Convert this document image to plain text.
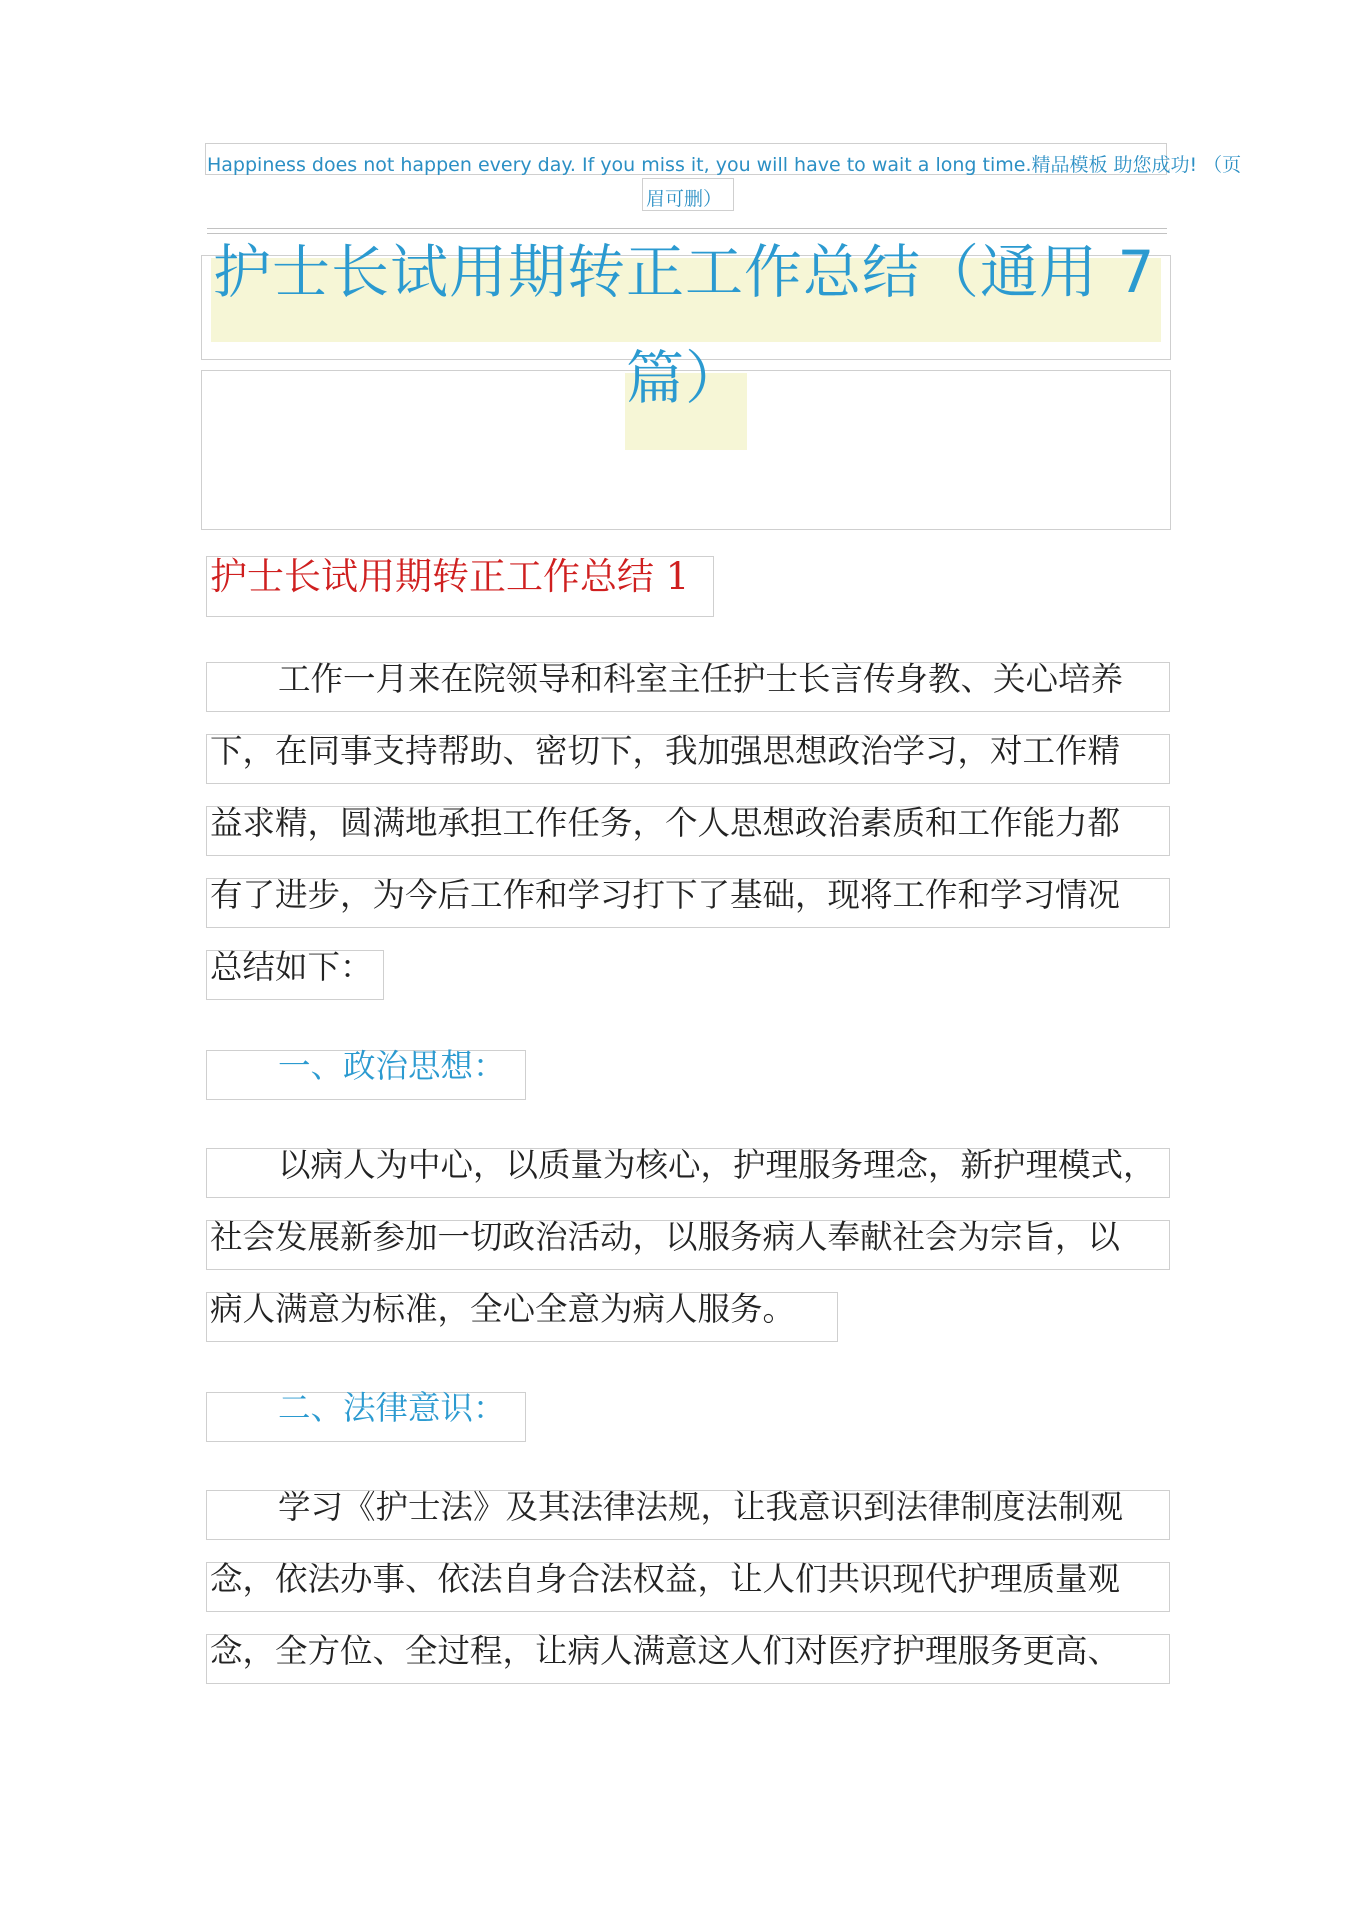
Happiness does not happen every day. If you miss it, you will have to wait a long time.精品模板 助您成功! （页
眉可删）
护士长试用期转正工作总结（通用 7
篇）
护士长试用期转正工作总结 1
工作一月来在院领导和科室主任护士长言传身教、关心培养
下，在同事支持帮助、密切下，我加强思想政治学习，对工作精
益求精，圆满地承担工作任务，个人思想政治素质和工作能力都
有了进步，为今后工作和学习打下了基础，现将工作和学习情况
总结如下：
一、政治思想：
以病人为中心，以质量为核心，护理服务理念，新护理模式，
社会发展新参加一切政治活动，以服务病人奉献社会为宗旨，以
病人满意为标准，全心全意为病人服务。
二、法律意识：
学习《护士法》及其法律法规，让我意识到法律制度法制观
念，依法办事、依法自身合法权益，让人们共识现代护理质量观
念，全方位、全过程，让病人满意这人们对医疗护理服务更高、
